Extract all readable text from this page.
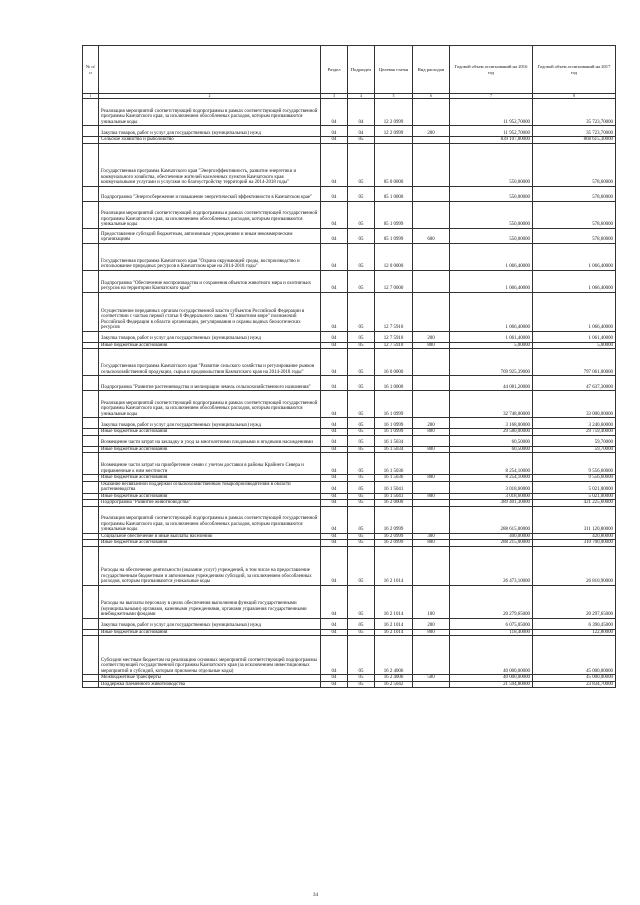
№ п/п		Раздел	Подраздел	Целевая статья	Вид расходов	Годовой объем ассигнований на 2016 год	Годовой объем ассигнований на 2017 год
1	2	3	4	5	6	7	8
	Реализация мероприятий соответствующей подпрограммы в рамках соответствующей государственной программы Камчатского края, за исключением обособленных расходов, которым присваиваются уникальные коды	04	04	12 2 0999		11 952,70000	35 723,70000
	Закупка товаров, работ и услуг для государственных (муниципальных) нужд	04	04	12 2 0999	200	11 952,70000	35 723,70000
	Сельское хозяйство и рыболовство	04	05			839 107,80000	868 615,30000
	Государственная программа Камчатского края "Энергоэффективность, развитие энергетики и коммунального хозяйства, обеспечение жителей населенных пунктов Камчатского края коммунальными услугами и услугами по благоустройству территорий на 2014-2018 годы"	04	05	05 0 0000		550,00000	578,60000
	Подпрограмма "Энергосбережение и повышение энергетической эффективности в Камчатском крае"	04	05	05 1 0000		550,00000	578,60000
	Реализация мероприятий соответствующей подпрограммы в рамках соответствующей государственной программы Камчатского края, за исключением обособленных расходов, которым присваиваются уникальные коды	04	05	05 1 0999		550,00000	578,60000
	Предоставление субсидий бюджетным, автономным учреждениям и иным некоммерческим организациям	04	05	05 1 0999	600	550,00000	578,60000
	Государственная программа Камчатского края "Охрана окружающей среды, воспроизводство и использование природных ресурсов в Камчатском крае на 2014-2018 годы"	04	05	12 0 0000		1 066,40000	1 066,40000
	Подпрограмма "Обеспечение воспроизводства и сохранения объектов животного мира и охотничьих ресурсов на территории Камчатского края"	04	05	12 7 0000		1 066,40000	1 066,40000
	Осуществление переданных органам государственной власти субъектов Российской Федерации в соответствии с частью первой статьи 6 Федерального закона "О животном мире" полномочий Российской Федерации в области организации, регулирования и охраны водных биологических ресурсов	04	05	12 7 5910		1 066,40000	1 066,40000
	Закупка товаров, работ и услуг для государственных (муниципальных) нужд	04	05	12 7 5910	200	1 061,40000	1 061,40000
	Иные бюджетные ассигнования	04	05	12 7 5910	800	5,00000	5,00000
	Государственная программа Камчатского края "Развитие сельского хозяйства и регулирование рынков сельскохозяйственной продукции, сырья и продовольствия Камчатского края на 2014-2018 годы"	04	05	16 0 0000		769 925,39000	797 061,00000
	Подпрограмма "Развитие растениеводства и мелиорации земель сельскохозяйственного назначения"	04	05	16 1 0000		44 081,20000	47 637,30000
	Реализация мероприятий соответствующей подпрограммы в рамках соответствующей государственной программы Камчатского края, за исключением обособленных расходов, которым присваиваются уникальные коды	04	05	16 1 0999		32 748,00000	33 000,00000
	Закупка товаров, работ и услуг для государственных (муниципальных) нужд	04	05	16 1 0999	200	3 168,00000	3 240,60000
	Иные бюджетные ассигнования	04	05	16 1 0999	800	29 580,00000	29 759,40000
	Возмещение части затрат на закладку и уход за многолетними плодовыми и ягодными насаждениями	04	05	16 1 5034		60,50000	59,70000
	Иные бюджетные ассигнования	04	05	16 1 5034	800	60,50000	59,70000
	Возмещение части затрат на приобретение семян с учетом доставки в районы Крайнего Севера и приравненные к ним местности	04	05	16 1 5036		8 254,10000	9 556,60000
	Иные бюджетные ассигнования	04	05	16 1 5036	800	8 254,10000	9 556,60000
	Оказание несвязанной поддержки сельскохозяйственным товаропроизводителям в области растениеводства	04	05	16 1 5041		3 018,60000	5 021,00000
	Иные бюджетные ассигнования	04	05	16 1 5041	800	3 018,60000	5 021,00000
	Подпрограмма "Развитие животноводства"	04	05	16 2 0000		389 401,30000	421 225,60000
	Реализация мероприятий соответствующей подпрограммы в рамках соответствующей государственной программы Камчатского края, за исключением обособленных расходов, которым присваиваются уникальные коды	04	05	16 2 0999		288 615,00000	311 120,80000
	Социальное обеспечение и иные выплаты населению	04	05	16 2 0999	300	400,00000	420,80000
	Иные бюджетные ассигнования	04	05	16 2 0999	800	288 215,00000	310 700,00000
	Расходы на обеспечение деятельности (оказание услуг) учреждений, в том числе на предоставление государственным бюджетным и автономным учреждениям субсидий, за исключением обособленных расходов, которым присваиваются уникальные коды	04	05	16 2 1014		26 473,10000	26 810,90000
	Расходы на выплаты персоналу в целях обеспечения выполнения функций государственными (муниципальными) органами, казенными учреждениями, органами управления государственными внебюджетными фондами	04	05	16 2 1014	100	20 279,65000	20 297,65000
	Закупка товаров, работ и услуг для государственных (муниципальных) нужд	04	05	16 2 1014	200	6 075,05000	6 390,45000
	Иные бюджетные ассигнования	04	05	16 2 1014	800	118,40000	122,80000
	Субсидии местным бюджетам на реализацию основных мероприятий соответствующей подпрограммы соответствующей государственной программы Камчатского края (за исключением инвестиционных мероприятий и субсидий, которым присвоены отдельные коды)	04	05	16 2 4006		40 000,00000	45 000,00000
	Межбюджетные трансферты	04	05	16 2 4006	500	40 000,00000	45 000,00000
	Поддержка племенного животноводства	04	05	16 2 5042		21 594,80000	23 834,70000
34
